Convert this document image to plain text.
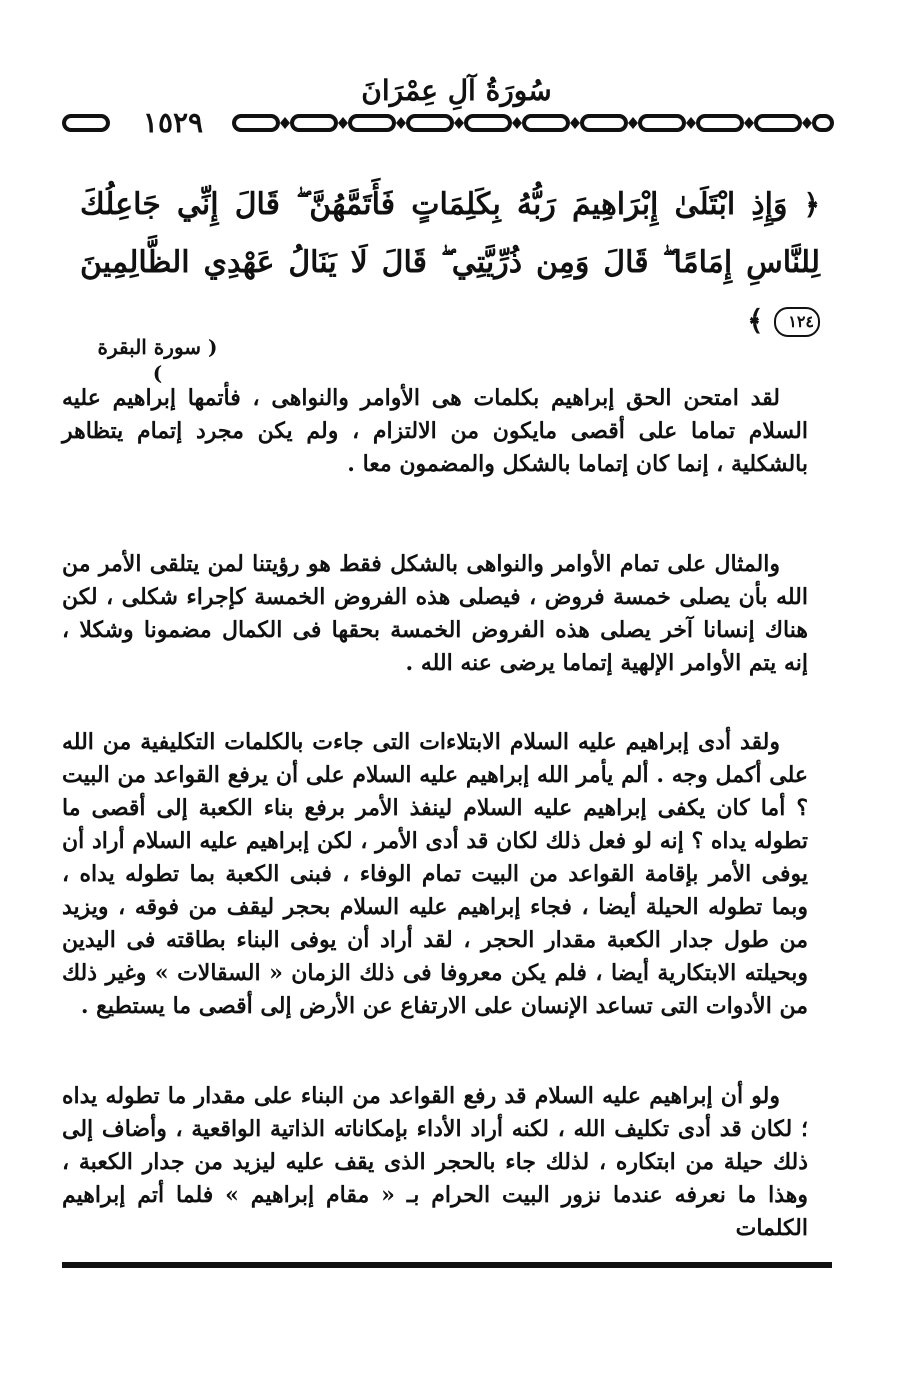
سُورَةُ آلِ عِمْرَانَ
١٥٢٩
﴿ وَإِذِ ابْتَلَىٰ إِبْرَاهِيمَ رَبُّهُ بِكَلِمَاتٍ فَأَتَمَّهُنَّ ۖ قَالَ إِنِّي جَاعِلُكَ لِلنَّاسِ إِمَامًا ۖ قَالَ وَمِن ذُرِّيَّتِي ۖ قَالَ لَا يَنَالُ عَهْدِي الظَّالِمِينَ ١٢٤ ﴾
( سورة البقرة )

لقد امتحن الحق إبراهيم بكلمات هى الأوامر والنواهى ، فأتمها إبراهيم عليه السلام تماما على أقصى مايكون من الالتزام ، ولم يكن مجرد إتمام يتظاهر بالشكلية ، إنما كان إتماما بالشكل والمضمون معا .

والمثال على تمام الأوامر والنواهى بالشكل فقط هو رؤيتنا لمن يتلقى الأمر من الله بأن يصلى خمسة فروض ، فيصلى هذه الفروض الخمسة كإجراء شكلى ، لكن هناك إنسانا آخر يصلى هذه الفروض الخمسة بحقها فى الكمال مضمونا وشكلا ، إنه يتم الأوامر الإلهية إتماما يرضى عنه الله .

ولقد أدى إبراهيم عليه السلام الابتلاءات التى جاءت بالكلمات التكليفية من الله على أكمل وجه . ألم يأمر الله إبراهيم عليه السلام على أن يرفع القواعد من البيت ؟ أما كان يكفى إبراهيم عليه السلام لينفذ الأمر برفع بناء الكعبة إلى أقصى ما تطوله يداه ؟ إنه لو فعل ذلك لكان قد أدى الأمر ، لكن إبراهيم عليه السلام أراد أن يوفى الأمر بإقامة القواعد من البيت تمام الوفاء ، فبنى الكعبة بما تطوله يداه ، وبما تطوله الحيلة أيضا ، فجاء إبراهيم عليه السلام بحجر ليقف من فوقه ، ويزيد من طول جدار الكعبة مقدار الحجر ، لقد أراد أن يوفى البناء بطاقته فى اليدين وبحيلته الابتكارية أيضا ، فلم يكن معروفا فى ذلك الزمان « السقالات » وغير ذلك من الأدوات التى تساعد الإنسان على الارتفاع عن الأرض إلى أقصى ما يستطيع .

ولو أن إبراهيم عليه السلام قد رفع القواعد من البناء على مقدار ما تطوله يداه ؛ لكان قد أدى تكليف الله ، لكنه أراد الأداء بإمكاناته الذاتية الواقعية ، وأضاف إلى ذلك حيلة من ابتكاره ، لذلك جاء بالحجر الذى يقف عليه ليزيد من جدار الكعبة ، وهذا ما نعرفه عندما نزور البيت الحرام بـ « مقام إبراهيم » فلما أتم إبراهيم الكلمات
